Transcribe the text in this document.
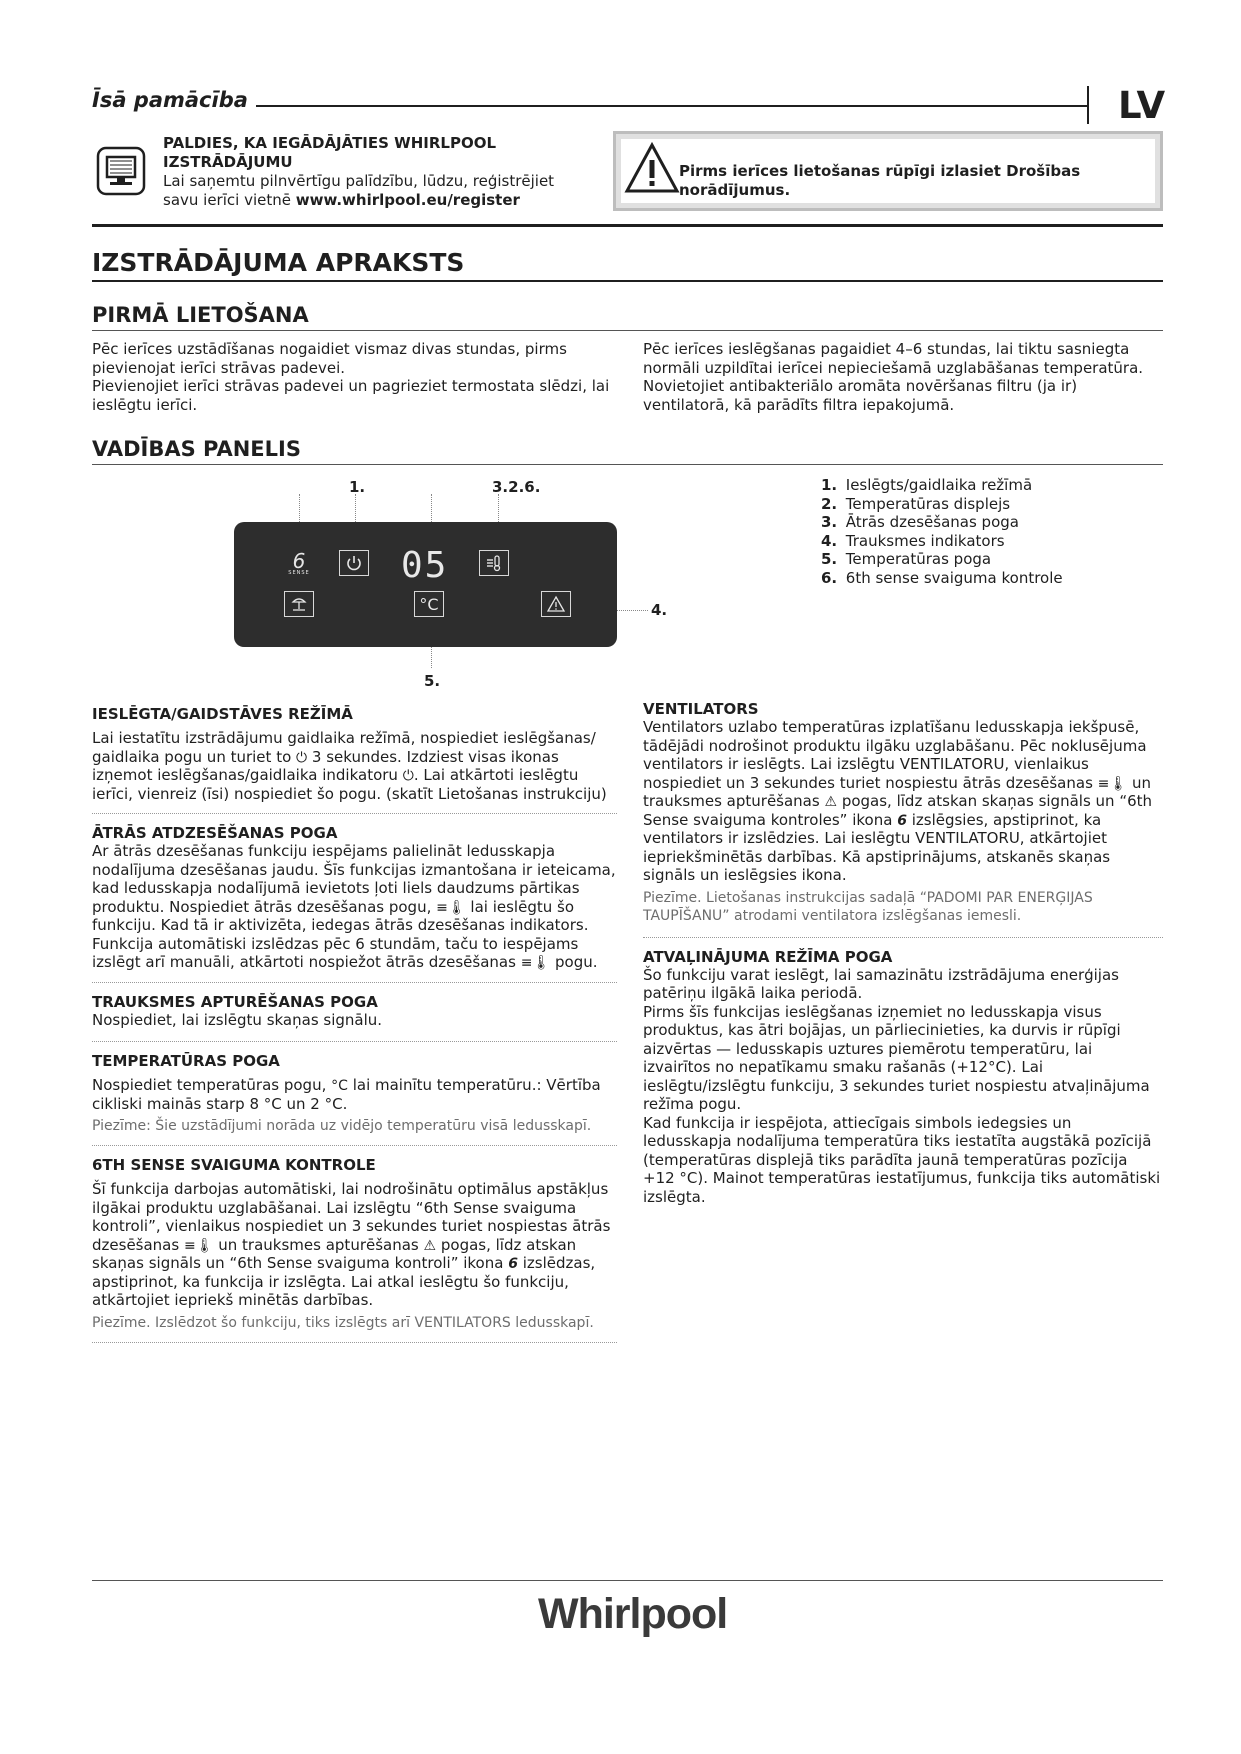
Īsā pamācība	LV
PALDIES, KA IEGĀDĀJĀTIES WHIRLPOOL IZSTRĀDĀJUMU
Lai saņemtu pilnvērtīgu palīdzību, lūdzu, reģistrējiet savu ierīci vietnē www.whirlpool.eu/register
Pirms ierīces lietošanas rūpīgi izlasiet Drošības norādījumus.
IZSTRĀDĀJUMA APRAKSTS
PIRMĀ LIETOŠANA
Pēc ierīces uzstādīšanas nogaidiet vismaz divas stundas, pirms pievienojat ierīci strāvas padevei.
Pievienojiet ierīci strāvas padevei un pagrieziet termostata slēdzi, lai ieslēgtu ierīci.
Pēc ierīces ieslēgšanas pagaidiet 4–6 stundas, lai tiktu sasniegta normāli uzpildītai ierīcei nepieciešamā uzglabāšanas temperatūra.
Novietojiet antibakteriālo aromāta novēršanas filtru (ja ir) ventilatorā, kā parādīts filtra iepakojumā.
VADĪBAS PANELIS
1.	3.2.6.
4.
5.
6
SENSE	05
°C
1. Ieslēgts/gaidlaika režīmā
2. Temperatūras displejs
3. Ātrās dzesēšanas poga
4. Trauksmes indikators
5. Temperatūras poga
6. 6th sense svaiguma kontrole
IESLĒGTA/GAIDSTĀVES REŽĪMĀ
Lai iestatītu izstrādājumu gaidlaika režīmā, nospiediet ieslēgšanas/ gaidlaika pogu un turiet to ⏻ 3 sekundes. Izdziest visas ikonas izņemot ieslēgšanas/gaidlaika indikatoru ⏻. Lai atkārtoti ieslēgtu ierīci, vienreiz (īsi) nospiediet šo pogu. (skatīt Lietošanas instrukciju)
ĀTRĀS ATDZESĒŠANAS POGA
Ar ātrās dzesēšanas funkciju iespējams palielināt ledusskapja nodalījuma dzesēšanas jaudu. Šīs funkcijas izmantošana ir ieteicama, kad ledusskapja nodalījumā ievietots ļoti liels daudzums pārtikas produktu. Nospiediet ātrās dzesēšanas pogu, ≡🌡 lai ieslēgtu šo funkciju. Kad tā ir aktivizēta, iedegas ātrās dzesēšanas indikators. Funkcija automātiski izslēdzas pēc 6 stundām, taču to iespējams izslēgt arī manuāli, atkārtoti nospiežot ātrās dzesēšanas ≡🌡 pogu.
TRAUKSMES APTURĒŠANAS POGA
Nospiediet, lai izslēgtu skaņas signālu.
TEMPERATŪRAS POGA
Nospiediet temperatūras pogu, °C lai mainītu temperatūru.: Vērtība cikliski mainās starp 8 °C un 2 °C.
Piezīme: Šie uzstādījumi norāda uz vidējo temperatūru visā ledusskapī.
6TH SENSE SVAIGUMA KONTROLE
Šī funkcija darbojas automātiski, lai nodrošinātu optimālus apstākļus ilgākai produktu uzglabāšanai. Lai izslēgtu “6th Sense svaiguma kontroli”, vienlaikus nospiediet un 3 sekundes turiet nospiestas ātrās dzesēšanas ≡🌡 un trauksmes apturēšanas ⚠ pogas, līdz atskan skaņas signāls un “6th Sense svaiguma kontroli” ikona 6 izslēdzas, apstiprinot, ka funkcija ir izslēgta. Lai atkal ieslēgtu šo funkciju, atkārtojiet iepriekš minētās darbības.
Piezīme. Izslēdzot šo funkciju, tiks izslēgts arī VENTILATORS ledusskapī.
VENTILATORS
Ventilators uzlabo temperatūras izplatīšanu ledusskapja iekšpusē, tādējādi nodrošinot produktu ilgāku uzglabāšanu. Pēc noklusējuma ventilators ir ieslēgts. Lai izslēgtu VENTILATORU, vienlaikus nospiediet un 3 sekundes turiet nospiestu ātrās dzesēšanas ≡🌡 un trauksmes apturēšanas ⚠ pogas, līdz atskan skaņas signāls un “6th Sense svaiguma kontroles” ikona 6 izslēgsies, apstiprinot, ka ventilators ir izslēdzies. Lai ieslēgtu VENTILATORU, atkārtojiet iepriekšminētās darbības. Kā apstiprinājums, atskanēs skaņas signāls un ieslēgsies ikona.
Piezīme. Lietošanas instrukcijas sadaļā “PADOMI PAR ENERĢIJAS TAUPĪŠANU” atrodami ventilatora izslēgšanas iemesli.
ATVAĻINĀJUMA REŽĪMA POGA
Šo funkciju varat ieslēgt, lai samazinātu izstrādājuma enerģijas patēriņu ilgākā laika periodā.
Pirms šīs funkcijas ieslēgšanas izņemiet no ledusskapja visus produktus, kas ātri bojājas, un pārliecinieties, ka durvis ir rūpīgi aizvērtas — ledusskapis uztures piemērotu temperatūru, lai izvairītos no nepatīkamu smaku rašanās (+12°C). Lai ieslēgtu/izslēgtu funkciju, 3 sekundes turiet nospiestu atvaļinājuma režīma pogu.
Kad funkcija ir iespējota, attiecīgais simbols iedegsies un ledusskapja nodalījuma temperatūra tiks iestatīta augstākā pozīcijā (temperatūras displejā tiks parādīta jaunā temperatūras pozīcija +12 °C). Mainot temperatūras iestatījumus, funkcija tiks automātiski izslēgta.
Whirlpool
